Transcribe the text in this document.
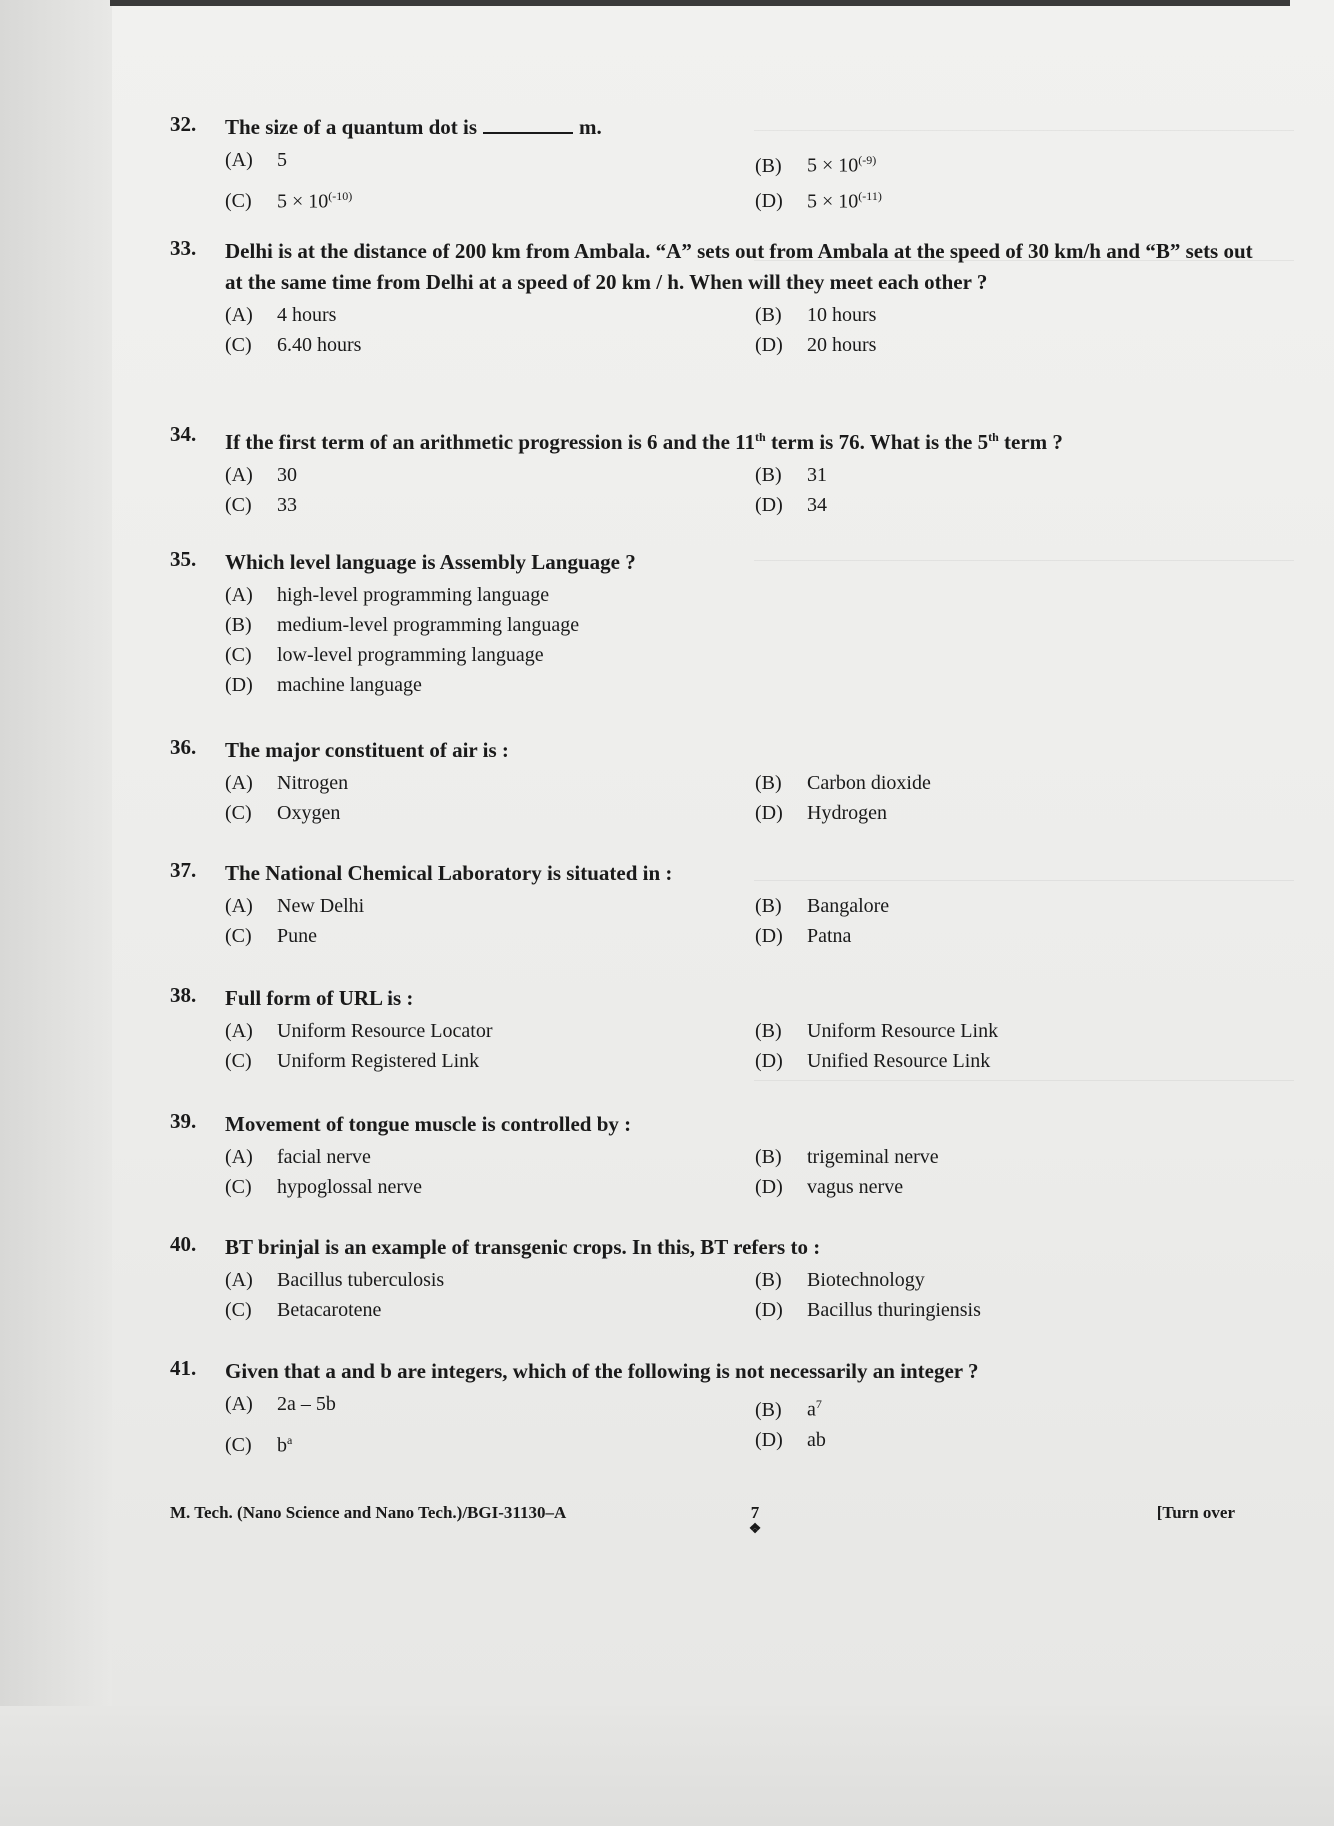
32. The size of a quantum dot is	m.
(A) 5	(B) $5 \times 10^{(-9)}$
(C) $5 \times 10^{(-10)}$	(D) $5 \times 10^{(-11)}$
33. Delhi is at the distance of 200 km from Ambala. “A” sets out from Ambala at the speed of 30 km/h and “B” sets out at the same time from Delhi at a speed of 20 km / h. When will they meet each other ?
(A) 4 hours	(B) 10 hours
(C) 6.40 hours	(D) 20 hours
34. If the first term of an arithmetic progression is 6 and the 11th term is 76. What is the 5th term ?
(A) 30	(B) 31
(C) 33	(D) 34
35. Which level language is Assembly Language ?
(A) high-level programming language
(B) medium-level programming language
(C) low-level programming language
(D) machine language
36. The major constituent of air is :
(A) Nitrogen	(B) Carbon dioxide
(C) Oxygen	(D) Hydrogen
37. The National Chemical Laboratory is situated in :
(A) New Delhi	(B) Bangalore
(C) Pune	(D) Patna
38. Full form of URL is :
(A) Uniform Resource Locator	(B) Uniform Resource Link
(C) Uniform Registered Link	(D) Unified Resource Link
39. Movement of tongue muscle is controlled by :
(A) facial nerve	(B) trigeminal nerve
(C) hypoglossal nerve	(D) vagus nerve
40. BT brinjal is an example of transgenic crops. In this, BT refers to :
(A) Bacillus tuberculosis	(B) Biotechnology
(C) Betacarotene	(D) Bacillus thuringiensis
41. Given that a and b are integers, which of the following is not necessarily an integer ?
(A) 2a – 5b	(B) $a^7$
(C) $b^a$	(D) ab
M. Tech. (Nano Science and Nano Tech.)/BGI-31130–A	7
❖
[Turn over
